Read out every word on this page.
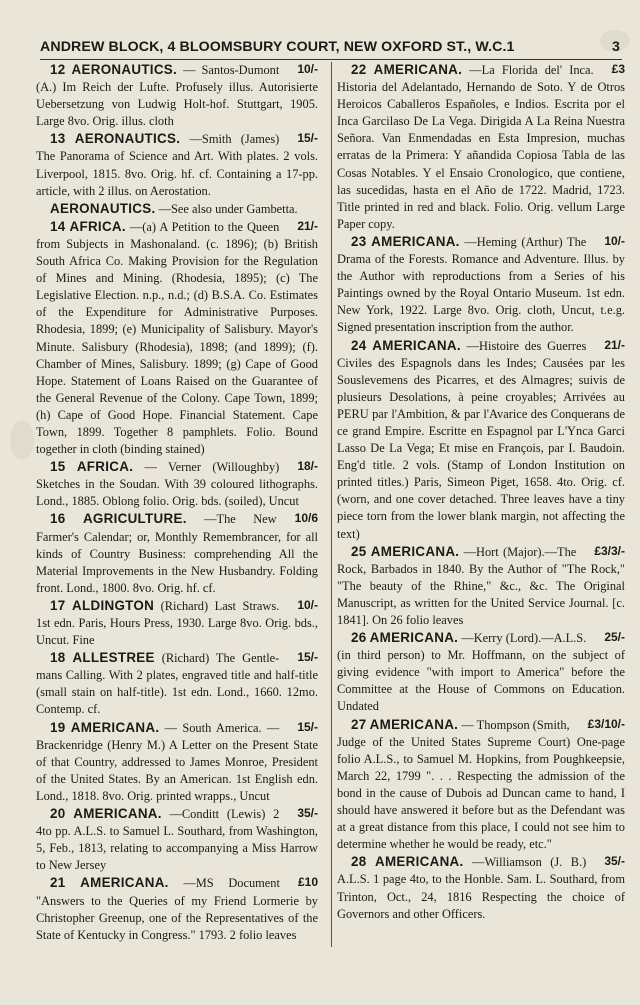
ANDREW BLOCK, 4 BLOOMSBURY COURT, NEW OXFORD ST., W.C.1	3

10/-
12 AERONAUTICS. — Santos-Dumont (A.) Im Reich der Lufte. Profusely illus. Autorisierte Uebersetzung von Ludwig Holt-hof. Stuttgart, 1905. Large 8vo. Orig. illus. cloth

15/-
13 AERONAUTICS. —Smith (James) The Panorama of Science and Art. With plates. 2 vols. Liverpool, 1815. 8vo. Orig. hf. cf. Containing a 17-pp. article, with 2 illus. on Aerostation.

AERONAUTICS. —See also under Gambetta.

21/-
14 AFRICA. —(a) A Petition to the Queen from Subjects in Mashonaland. (c. 1896); (b) British South Africa Co. Making Provision for the Regulation of Mines and Mining. (Rhodesia, 1895); (c) The Legislative Election. n.p., n.d.; (d) B.S.A. Co. Estimates of the Expenditure for Administrative Purposes. Rhodesia, 1899; (e) Municipality of Salisbury. Mayor's Minute. Salisbury (Rhodesia), 1898; (and 1899); (f). Chamber of Mines, Salisbury. 1899; (g) Cape of Good Hope. Statement of Loans Raised on the Guarantee of the General Revenue of the Colony. Cape Town, 1899; (h) Cape of Good Hope. Financial Statement. Cape Town, 1899. Together 8 pamphlets. Folio. Bound together in cloth (binding stained)

18/-
15 AFRICA. — Verner (Willoughby) Sketches in the Soudan. With 39 coloured lithographs. Lond., 1885. Oblong folio. Orig. bds. (soiled), Uncut

10/6
16 AGRICULTURE. —The New Farmer's Calendar; or, Monthly Remembrancer, for all kinds of Country Business: comprehending All the Material Improvements in the New Husbandry. Folding front. Lond., 1800. 8vo. Orig. hf. cf.

10/-
17 ALDINGTON (Richard) Last Straws. 1st edn. Paris, Hours Press, 1930. Large 8vo. Orig. bds., Uncut. Fine

15/-
18 ALLESTREE (Richard) The Gentle-mans Calling. With 2 plates, engraved title and half-title (small stain on half-title). 1st edn. Lond., 1660. 12mo. Contemp. cf.

15/-
19 AMERICANA. — South America. — Brackenridge (Henry M.) A Letter on the Present State of that Country, addressed to James Monroe, President of the United States. By an American. 1st English edn. Lond., 1818. 8vo. Orig. printed wrapps., Uncut

35/-
20 AMERICANA. —Conditt (Lewis) 2 4to pp. A.L.S. to Samuel L. Southard, from Washington, 5, Feb., 1813, relating to accompanying a Miss Harrow to New Jersey

£10
21 AMERICANA. —MS Document "Answers to the Queries of my Friend Lormerie by Christopher Greenup, one of the Representatives of the State of Kentucky in Congress." 1793. 2 folio leaves

£3
22 AMERICANA. —La Florida del' Inca. Historia del Adelantado, Hernando de Soto. Y de Otros Heroicos Caballeros Españoles, e Indios. Escrita por el Inca Garcilaso De La Vega. Dirigida A La Reina Nuestra Señora. Van Enmendadas en Esta Impresion, muchas erratas de la Primera: Y añandida Copiosa Tabla de las Cosas Notables. Y el Ensaio Cronologico, que contiene, las sucedidas, hasta en el Año de 1722. Madrid, 1723. Title printed in red and black. Folio. Orig. vellum Large Paper copy.

10/-
23 AMERICANA. —Heming (Arthur) The Drama of the Forests. Romance and Adventure. Illus. by the Author with reproductions from a Series of his Paintings owned by the Royal Ontario Museum. 1st edn. New York, 1922. Large 8vo. Orig. cloth, Uncut, t.e.g. Signed presentation inscription from the author.

21/-
24 AMERICANA. —Histoire des Guerres Civiles des Espagnols dans les Indes; Causées par les Souslevemens des Picarres, et des Almagres; suivis de plusieurs Desolations, à peine croyables; Arrivées au PERU par l'Ambition, & par l'Avarice des Conquerans de ce grand Empire. Escritte en Espagnol par L'Ynca Garci Lasso De La Vega; Et mise en François, par I. Baudoin. Eng'd title. 2 vols. (Stamp of London Institution on printed titles.) Paris, Simeon Piget, 1658. 4to. Orig. cf. (worn, and one cover detached. Three leaves have a tiny piece torn from the lower blank margin, not affecting the text)

£3/3/-
25 AMERICANA. —Hort (Major).—The Rock, Barbados in 1840. By the Author of "The Rock," "The beauty of the Rhine," &c., &c. The Original Manuscript, as written for the United Service Journal. [c. 1841]. On 26 folio leaves

25/-
26 AMERICANA. —Kerry (Lord).—A.L.S. (in third person) to Mr. Hoffmann, on the subject of giving evidence "with import to America" before the Committee at the House of Commons on Education. Undated

£3/10/-
27 AMERICANA. — Thompson (Smith, Judge of the United States Supreme Court) One-page folio A.L.S., to Samuel M. Hopkins, from Poughkeepsie, March 22, 1799 ". . . Respecting the admission of the bond in the cause of Dubois ad Duncan came to hand, I should have answered it before but as the Defendant was at a great distance from this place, I could not see him to determine whether he would be ready, etc."

35/-
28 AMERICANA. —Williamson (J. B.) A.L.S. 1 page 4to, to the Honble. Sam. L. Southard, from Trinton, Oct., 24, 1816 Respecting the choice of Governors and other Officers.
